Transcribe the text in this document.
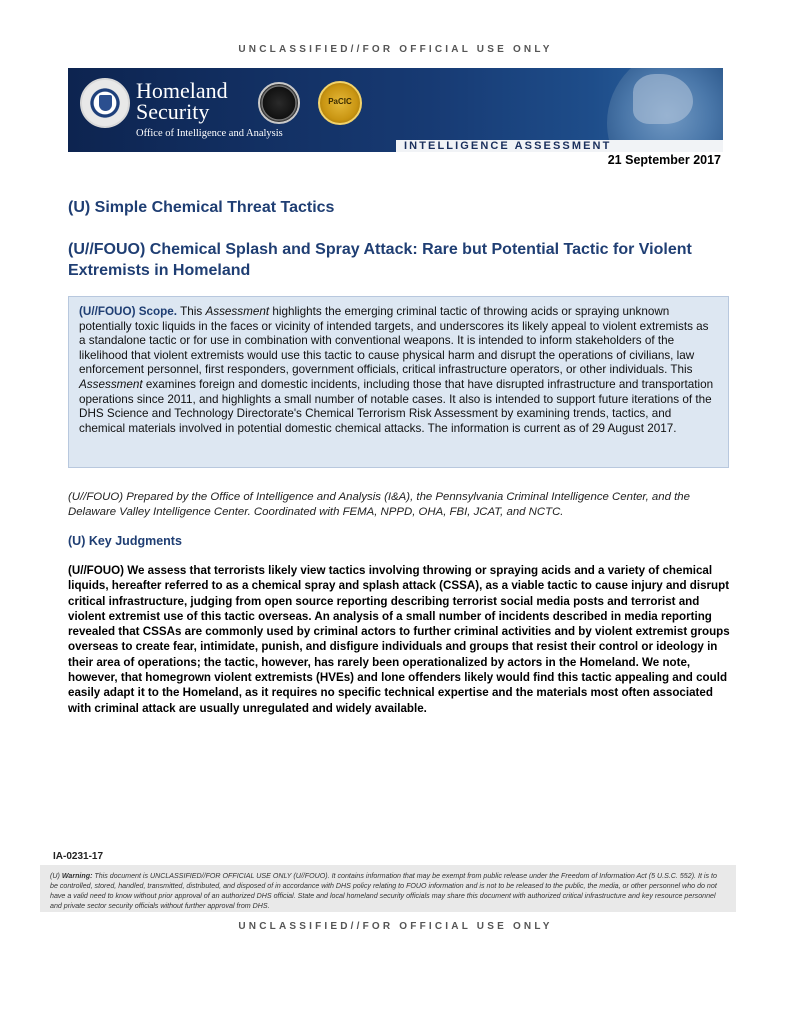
UNCLASSIFIED//FOR OFFICIAL USE ONLY
Homeland
Security
Office of Intelligence and Analysis
PaCIC
INTELLIGENCE ASSESSMENT
21 September 2017
(U) Simple Chemical Threat Tactics
(U//FOUO) Chemical Splash and Spray Attack: Rare but Potential Tactic for Violent Extremists in Homeland
(U//FOUO) Scope. This Assessment highlights the emerging criminal tactic of throwing acids or spraying unknown potentially toxic liquids in the faces or vicinity of intended targets, and underscores its likely appeal to violent extremists as a standalone tactic or for use in combination with conventional weapons. It is intended to inform stakeholders of the likelihood that violent extremists would use this tactic to cause physical harm and disrupt the operations of civilians, law enforcement personnel, first responders, government officials, critical infrastructure operators, or other individuals. This Assessment examines foreign and domestic incidents, including those that have disrupted infrastructure and transportation operations since 2011, and highlights a small number of notable cases. It also is intended to support future iterations of the DHS Science and Technology Directorate's Chemical Terrorism Risk Assessment by examining trends, tactics, and chemical materials involved in potential domestic chemical attacks. The information is current as of 29 August 2017.
(U//FOUO) Prepared by the Office of Intelligence and Analysis (I&A), the Pennsylvania Criminal Intelligence Center, and the Delaware Valley Intelligence Center. Coordinated with FEMA, NPPD, OHA, FBI, JCAT, and NCTC.
(U) Key Judgments
(U//FOUO) We assess that terrorists likely view tactics involving throwing or spraying acids and a variety of chemical liquids, hereafter referred to as a chemical spray and splash attack (CSSA), as a viable tactic to cause injury and disrupt critical infrastructure, judging from open source reporting describing terrorist social media posts and terrorist and violent extremist use of this tactic overseas. An analysis of a small number of incidents described in media reporting revealed that CSSAs are commonly used by criminal actors to further criminal activities and by violent extremist groups overseas to create fear, intimidate, punish, and disfigure individuals and groups that resist their control or ideology in their area of operations; the tactic, however, has rarely been operationalized by actors in the Homeland. We note, however, that homegrown violent extremists (HVEs) and lone offenders likely would find this tactic appealing and could easily adapt it to the Homeland, as it requires no specific technical expertise and the materials most often associated with criminal attack are usually unregulated and widely available.
IA-0231-17
(U) Warning: This document is UNCLASSIFIED//FOR OFFICIAL USE ONLY (U//FOUO). It contains information that may be exempt from public release under the Freedom of Information Act (5 U.S.C. 552). It is to be controlled, stored, handled, transmitted, distributed, and disposed of in accordance with DHS policy relating to FOUO information and is not to be released to the public, the media, or other personnel who do not have a valid need to know without prior approval of an authorized DHS official. State and local homeland security officials may share this document with authorized critical infrastructure and key resource personnel and private sector security officials without further approval from DHS.
UNCLASSIFIED//FOR OFFICIAL USE ONLY
